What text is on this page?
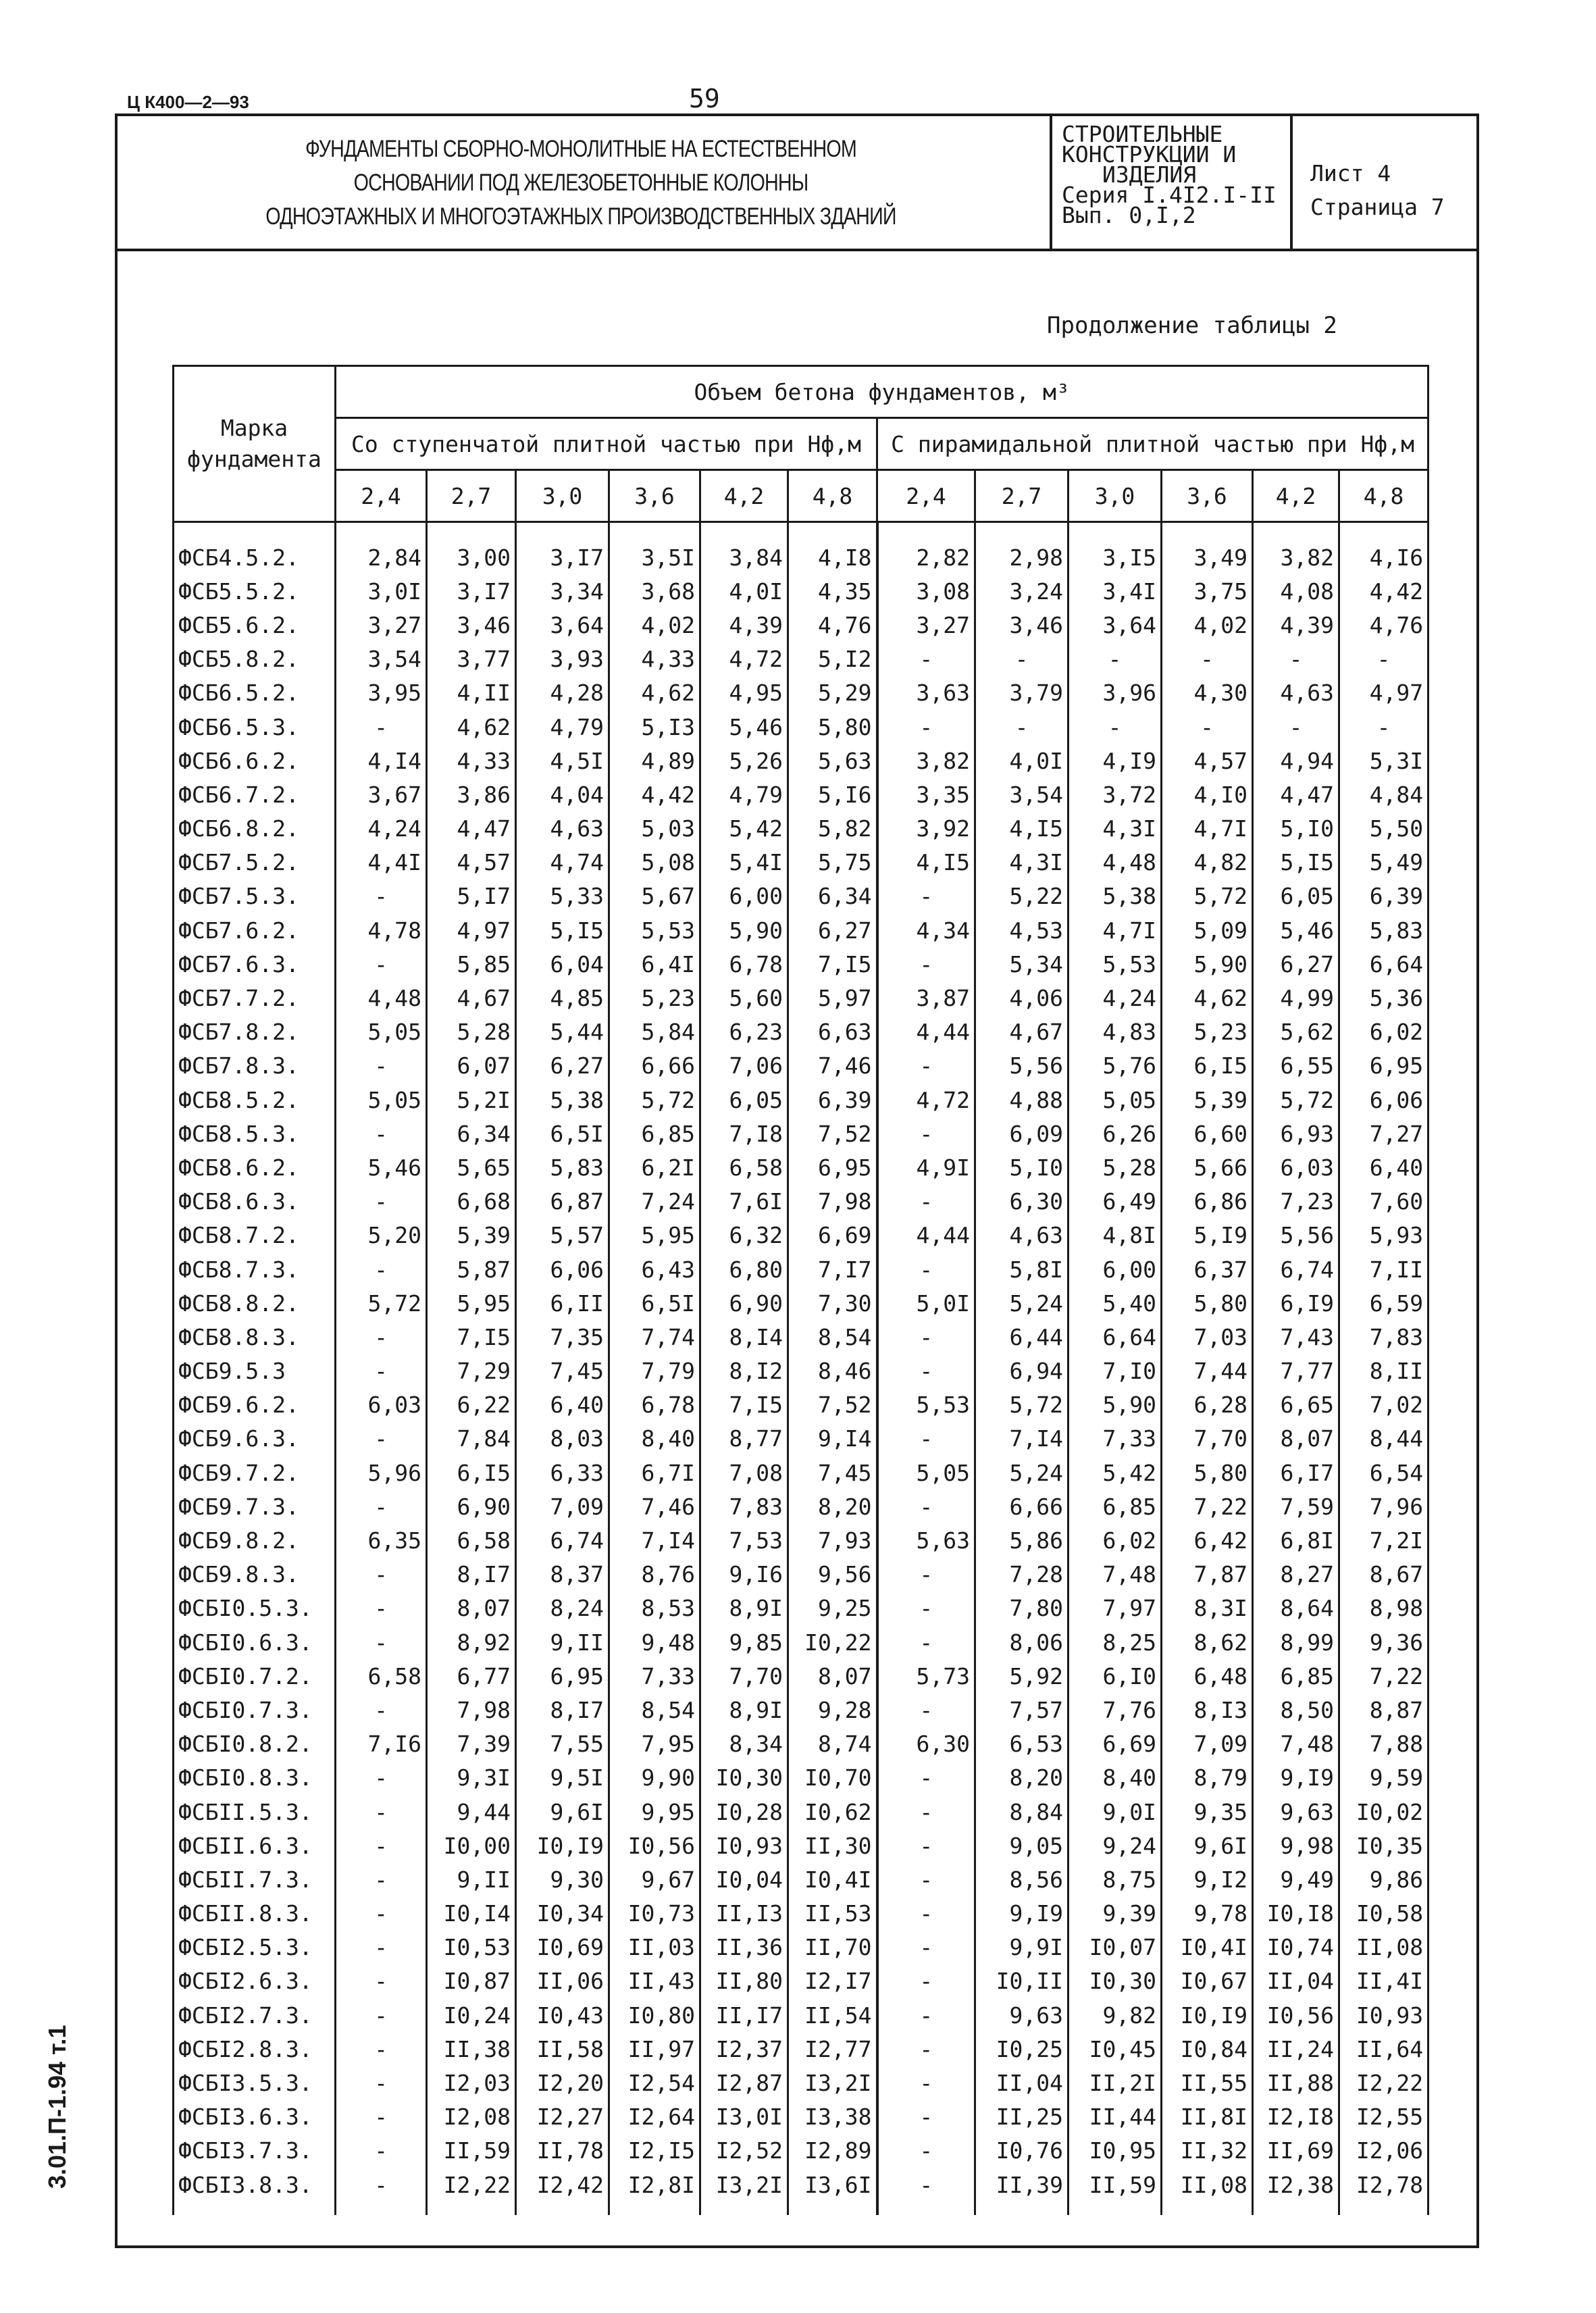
Ц К400—2—93	59
ФУНДАМЕНТЫ СБОРНО-МОНОЛИТНЫЕ НА ЕСТЕСТВЕННОМ
ОСНОВАНИИ ПОД ЖЕЛЕЗОБЕТОННЫЕ КОЛОННЫ
ОДНОЭТАЖНЫХ И МНОГОЭТАЖНЫХ ПРОИЗВОДСТВЕННЫХ ЗДАНИЙ
СТРОИТЕЛЬНЫЕ
КОНСТРУКЦИИ И
ИЗДЕЛИЯ
Серия I.4I2.I-II
Вып. 0,I,2
Лист 4
Страница 7
Продолжение таблицы 2
3.01.П-1.94 т.1
Марка фундамента	Объем бетона фундаментов, м³											
	Со ступенчатой плитной частью при Нф,м						С пирамидальной плитной частью при Нф,м					
	2,4	2,7	3,0	3,6	4,2	4,8	2,4	2,7	3,0	3,6	4,2	4,8
ФСБ4.5.2.	2,84	3,00	3,I7	3,5I	3,84	4,I8	2,82	2,98	3,I5	3,49	3,82	4,I6
ФСБ5.5.2.	3,0I	3,I7	3,34	3,68	4,0I	4,35	3,08	3,24	3,4I	3,75	4,08	4,42
ФСБ5.6.2.	3,27	3,46	3,64	4,02	4,39	4,76	3,27	3,46	3,64	4,02	4,39	4,76
ФСБ5.8.2.	3,54	3,77	3,93	4,33	4,72	5,I2	-	-	-	-	-	-
ФСБ6.5.2.	3,95	4,II	4,28	4,62	4,95	5,29	3,63	3,79	3,96	4,30	4,63	4,97
ФСБ6.5.3.	-	4,62	4,79	5,I3	5,46	5,80	-	-	-	-	-	-
ФСБ6.6.2.	4,I4	4,33	4,5I	4,89	5,26	5,63	3,82	4,0I	4,I9	4,57	4,94	5,3I
ФСБ6.7.2.	3,67	3,86	4,04	4,42	4,79	5,I6	3,35	3,54	3,72	4,I0	4,47	4,84
ФСБ6.8.2.	4,24	4,47	4,63	5,03	5,42	5,82	3,92	4,I5	4,3I	4,7I	5,I0	5,50
ФСБ7.5.2.	4,4I	4,57	4,74	5,08	5,4I	5,75	4,I5	4,3I	4,48	4,82	5,I5	5,49
ФСБ7.5.3.	-	5,I7	5,33	5,67	6,00	6,34	-	5,22	5,38	5,72	6,05	6,39
ФСБ7.6.2.	4,78	4,97	5,I5	5,53	5,90	6,27	4,34	4,53	4,7I	5,09	5,46	5,83
ФСБ7.6.3.	-	5,85	6,04	6,4I	6,78	7,I5	-	5,34	5,53	5,90	6,27	6,64
ФСБ7.7.2.	4,48	4,67	4,85	5,23	5,60	5,97	3,87	4,06	4,24	4,62	4,99	5,36
ФСБ7.8.2.	5,05	5,28	5,44	5,84	6,23	6,63	4,44	4,67	4,83	5,23	5,62	6,02
ФСБ7.8.3.	-	6,07	6,27	6,66	7,06	7,46	-	5,56	5,76	6,I5	6,55	6,95
ФСБ8.5.2.	5,05	5,2I	5,38	5,72	6,05	6,39	4,72	4,88	5,05	5,39	5,72	6,06
ФСБ8.5.3.	-	6,34	6,5I	6,85	7,I8	7,52	-	6,09	6,26	6,60	6,93	7,27
ФСБ8.6.2.	5,46	5,65	5,83	6,2I	6,58	6,95	4,9I	5,I0	5,28	5,66	6,03	6,40
ФСБ8.6.3.	-	6,68	6,87	7,24	7,6I	7,98	-	6,30	6,49	6,86	7,23	7,60
ФСБ8.7.2.	5,20	5,39	5,57	5,95	6,32	6,69	4,44	4,63	4,8I	5,I9	5,56	5,93
ФСБ8.7.3.	-	5,87	6,06	6,43	6,80	7,I7	-	5,8I	6,00	6,37	6,74	7,II
ФСБ8.8.2.	5,72	5,95	6,II	6,5I	6,90	7,30	5,0I	5,24	5,40	5,80	6,I9	6,59
ФСБ8.8.3.	-	7,I5	7,35	7,74	8,I4	8,54	-	6,44	6,64	7,03	7,43	7,83
ФСБ9.5.3	-	7,29	7,45	7,79	8,I2	8,46	-	6,94	7,I0	7,44	7,77	8,II
ФСБ9.6.2.	6,03	6,22	6,40	6,78	7,I5	7,52	5,53	5,72	5,90	6,28	6,65	7,02
ФСБ9.6.3.	-	7,84	8,03	8,40	8,77	9,I4	-	7,I4	7,33	7,70	8,07	8,44
ФСБ9.7.2.	5,96	6,I5	6,33	6,7I	7,08	7,45	5,05	5,24	5,42	5,80	6,I7	6,54
ФСБ9.7.3.	-	6,90	7,09	7,46	7,83	8,20	-	6,66	6,85	7,22	7,59	7,96
ФСБ9.8.2.	6,35	6,58	6,74	7,I4	7,53	7,93	5,63	5,86	6,02	6,42	6,8I	7,2I
ФСБ9.8.3.	-	8,I7	8,37	8,76	9,I6	9,56	-	7,28	7,48	7,87	8,27	8,67
ФСБI0.5.3.	-	8,07	8,24	8,53	8,9I	9,25	-	7,80	7,97	8,3I	8,64	8,98
ФСБI0.6.3.	-	8,92	9,II	9,48	9,85	I0,22	-	8,06	8,25	8,62	8,99	9,36
ФСБI0.7.2.	6,58	6,77	6,95	7,33	7,70	8,07	5,73	5,92	6,I0	6,48	6,85	7,22
ФСБI0.7.3.	-	7,98	8,I7	8,54	8,9I	9,28	-	7,57	7,76	8,I3	8,50	8,87
ФСБI0.8.2.	7,I6	7,39	7,55	7,95	8,34	8,74	6,30	6,53	6,69	7,09	7,48	7,88
ФСБI0.8.3.	-	9,3I	9,5I	9,90	I0,30	I0,70	-	8,20	8,40	8,79	9,I9	9,59
ФСБII.5.3.	-	9,44	9,6I	9,95	I0,28	I0,62	-	8,84	9,0I	9,35	9,63	I0,02
ФСБII.6.3.	-	I0,00	I0,I9	I0,56	I0,93	II,30	-	9,05	9,24	9,6I	9,98	I0,35
ФСБII.7.3.	-	9,II	9,30	9,67	I0,04	I0,4I	-	8,56	8,75	9,I2	9,49	9,86
ФСБII.8.3.	-	I0,I4	I0,34	I0,73	II,I3	II,53	-	9,I9	9,39	9,78	I0,I8	I0,58
ФСБI2.5.3.	-	I0,53	I0,69	II,03	II,36	II,70	-	9,9I	I0,07	I0,4I	I0,74	II,08
ФСБI2.6.3.	-	I0,87	II,06	II,43	II,80	I2,I7	-	I0,II	I0,30	I0,67	II,04	II,4I
ФСБI2.7.3.	-	I0,24	I0,43	I0,80	II,I7	II,54	-	9,63	9,82	I0,I9	I0,56	I0,93
ФСБI2.8.3.	-	II,38	II,58	II,97	I2,37	I2,77	-	I0,25	I0,45	I0,84	II,24	II,64
ФСБI3.5.3.	-	I2,03	I2,20	I2,54	I2,87	I3,2I	-	II,04	II,2I	II,55	II,88	I2,22
ФСБI3.6.3.	-	I2,08	I2,27	I2,64	I3,0I	I3,38	-	II,25	II,44	II,8I	I2,I8	I2,55
ФСБI3.7.3.	-	II,59	II,78	I2,I5	I2,52	I2,89	-	I0,76	I0,95	II,32	II,69	I2,06
ФСБI3.8.3.	-	I2,22	I2,42	I2,8I	I3,2I	I3,6I	-	II,39	II,59	II,08	I2,38	I2,78
